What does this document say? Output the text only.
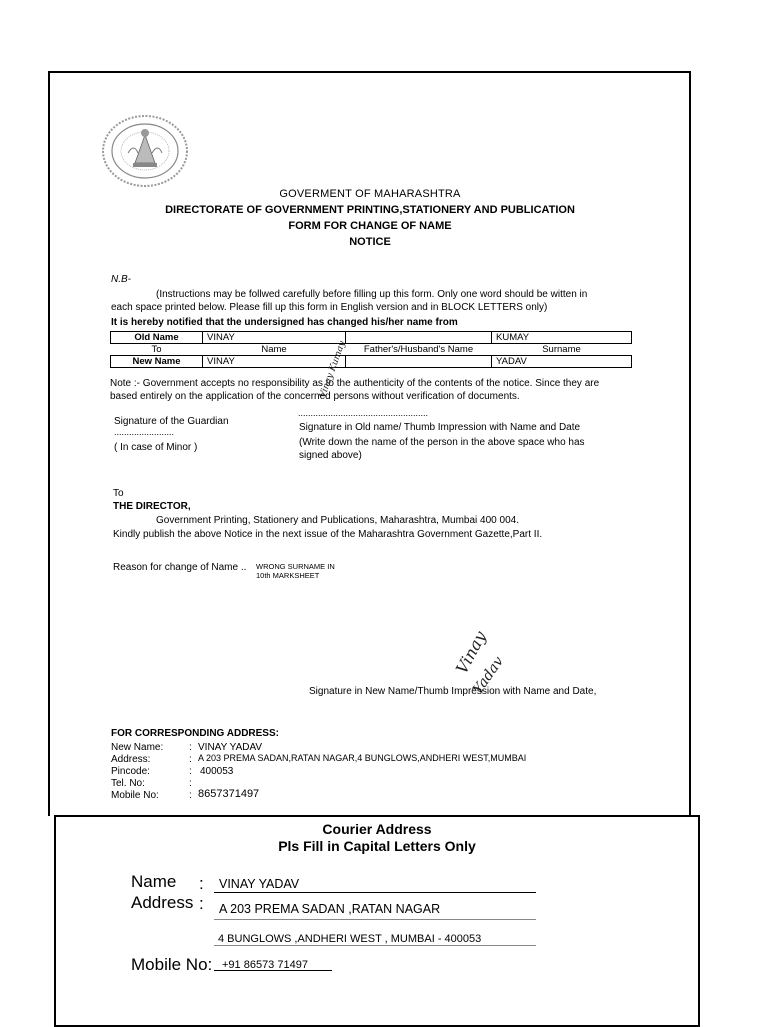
GOVERMENT OF MAHARASHTRA
DIRECTORATE OF GOVERNMENT PRINTING,STATIONERY AND PUBLICATION
FORM FOR CHANGE OF NAME
NOTICE
N.B-
(Instructions may be follwed carefully before filling up this form. Only one word should be witten in
each space printed below. Please fill up this form in English version and in BLOCK LETTERS only)
It is hereby notified that the undersigned has changed his/her name from
Old Name	VINAY		KUMAY
To	Name	Father's/Husband's Name	Surname
New Name	VINAY		YADAV
Note :- Government accepts no responsibility as to the authenticity of the contents of the notice. Since they are
based entirely on the application of the concerned persons without verification of documents.
Signature of the Guardian
........................
( In case of Minor )
....................................................
Vinay Kumay
Signature in Old name/ Thumb Impression with Name and Date
(Write down the name of the person in the above space who has
signed above)
To
THE DIRECTOR,
Government Printing, Stationery and Publications, Maharashtra, Mumbai 400 004.
Kindly publish the above Notice in the next issue of the Maharashtra Government Gazette,Part II.
Reason for change of Name .. WRONG SURNAME IN
10th MARKSHEET
Vinay
Yadav
Signature in New Name/Thumb Impression with Name and Date,
FOR CORRESPONDING ADDRESS:
New Name:	: VINAY YADAV
Address:	: A 203 PREMA SADAN,RATAN NAGAR,4 BUNGLOWS,ANDHERI WEST,MUMBAI
Pincode:	: 400053
Tel. No:	:
Mobile No:	: 8657371497
Courier Address
Pls Fill in Capital Letters Only
Name : VINAY YADAV
Address : A 203 PREMA SADAN ,RATAN NAGAR
4 BUNGLOWS ,ANDHERI WEST , MUMBAI - 400053
Mobile No: +91 86573 71497
